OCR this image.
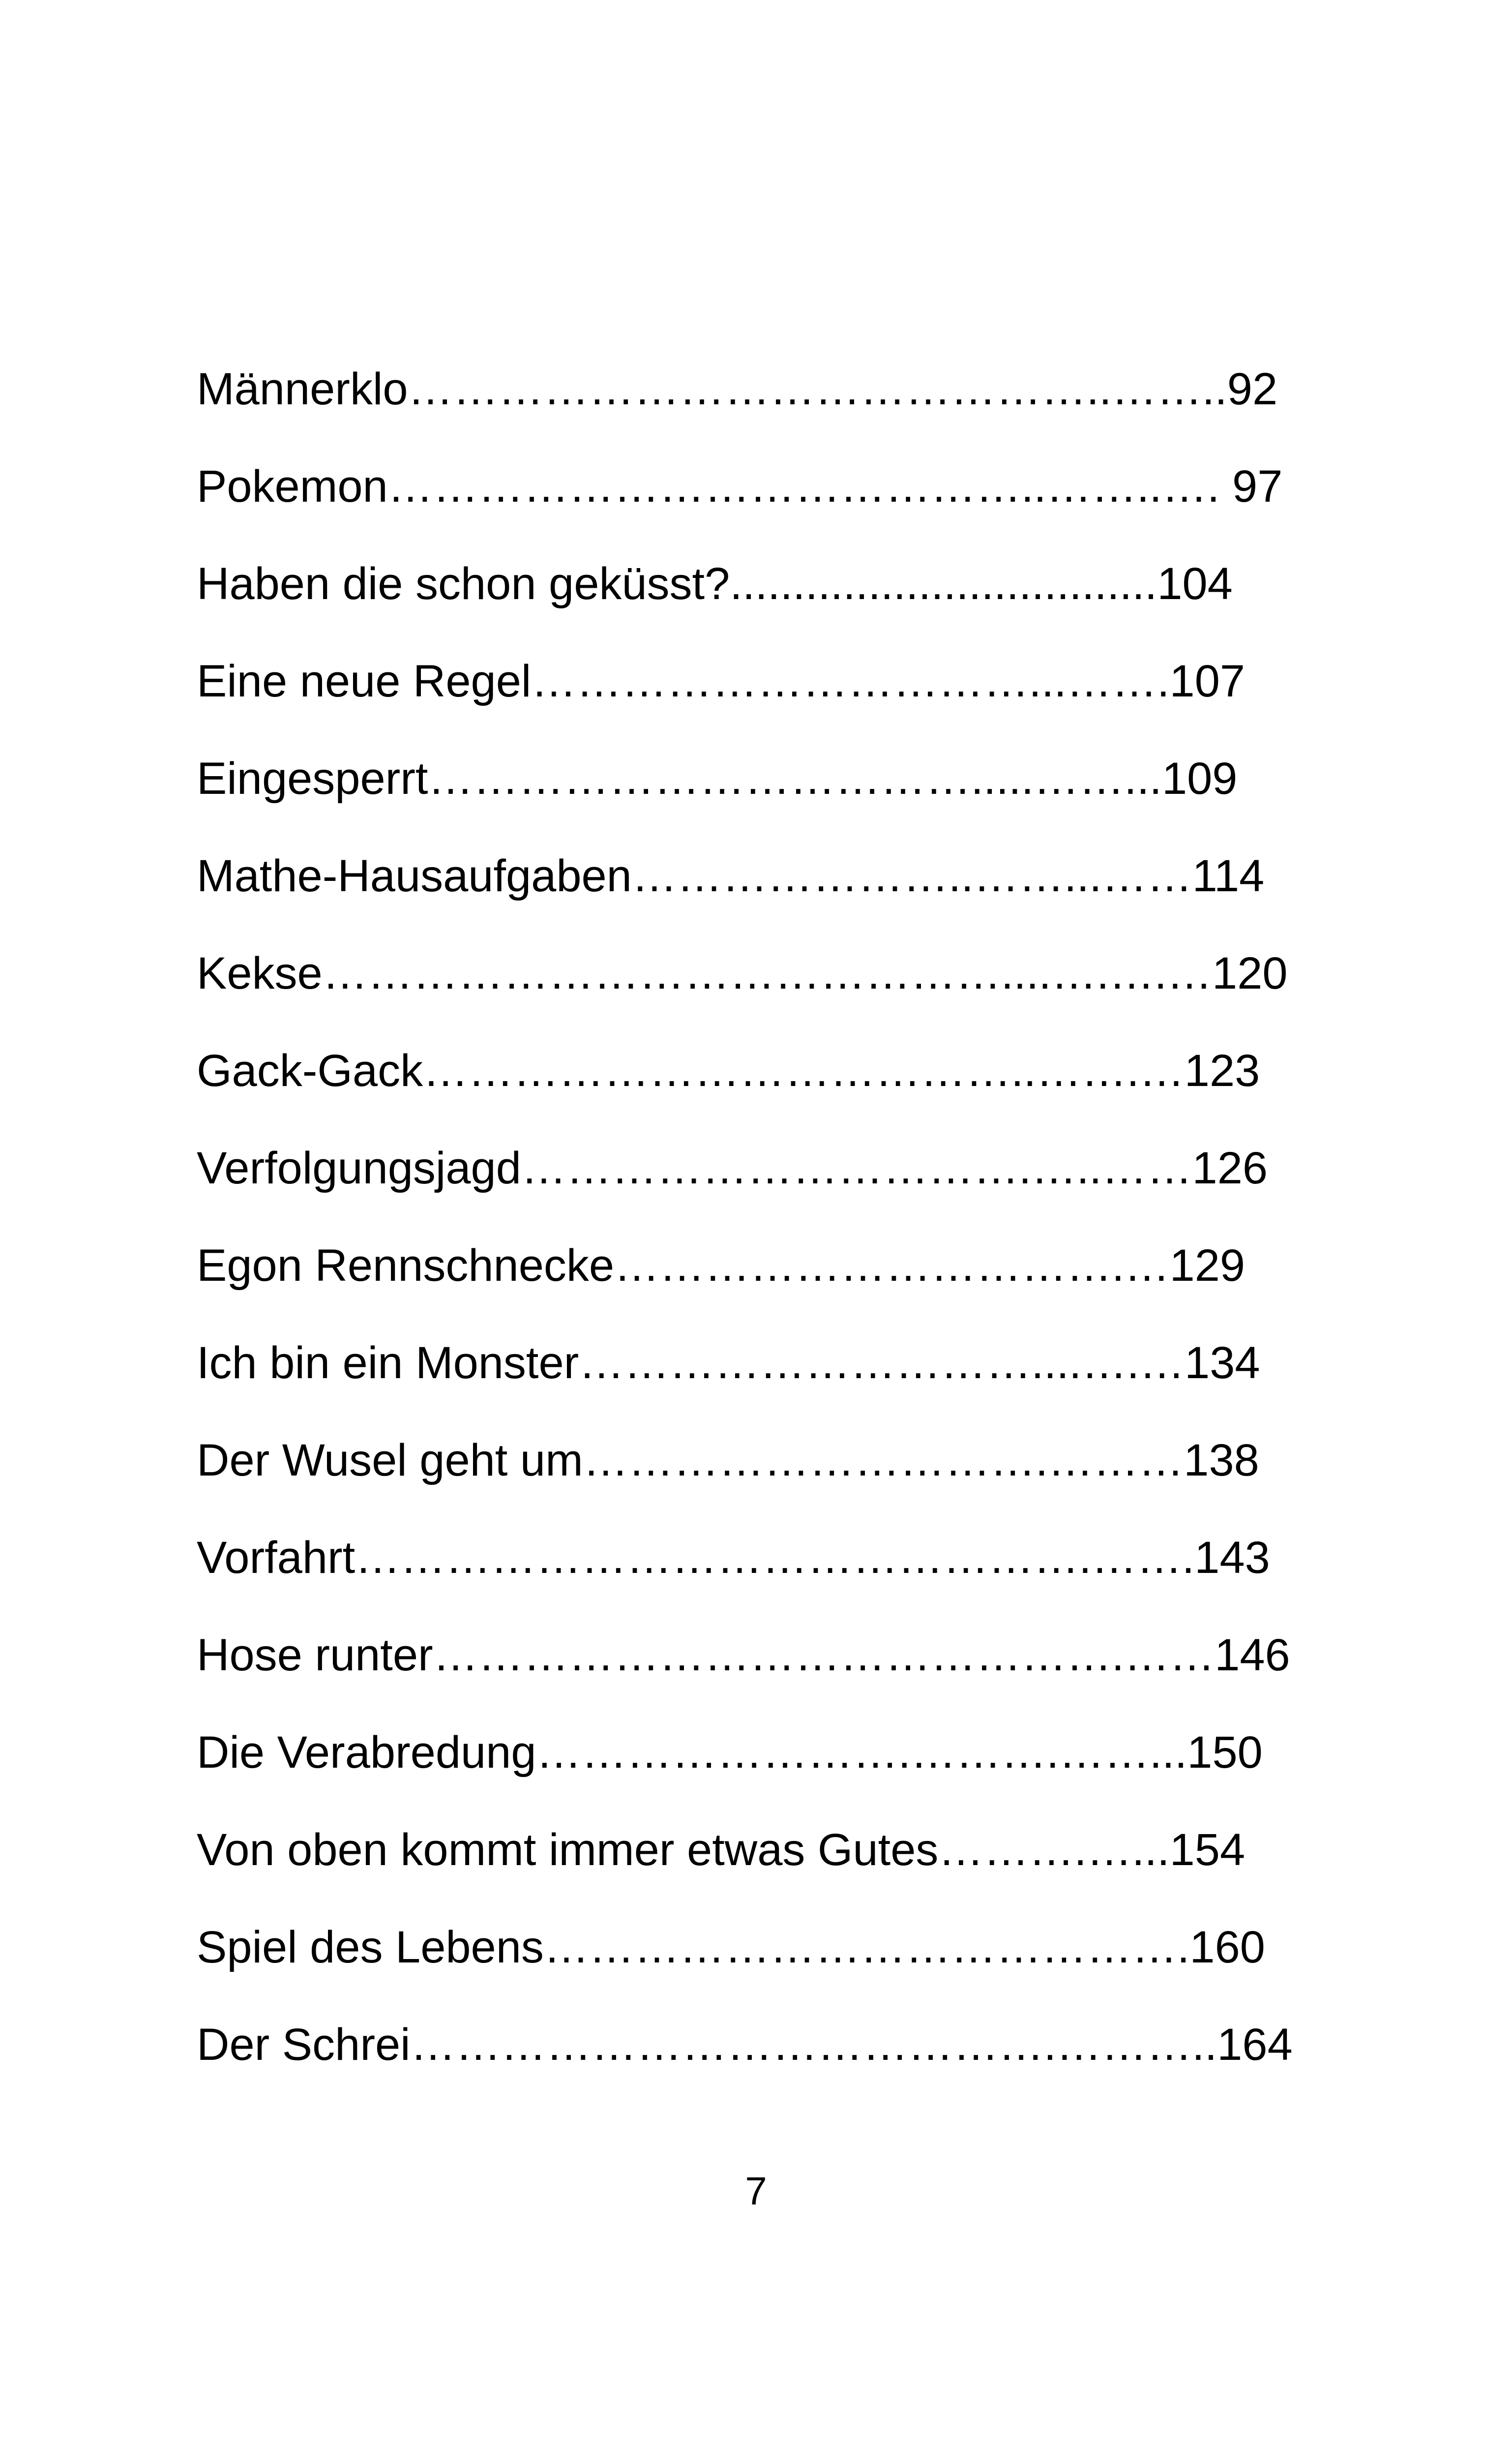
Männerklo………………………………………..……..92
Pokemon……………………………………..……..…. 97
Haben die schon geküsst?..................................104
Eine neue Regel……………………………...…….107
Eingesperrt……………………………….....……...109
Mathe-Hausaufgaben…………………..……...……114
Kekse………………………………………....….….…120
Gack-Gack…………………………………..…….…123
Verfolgungsjagd…………………………….…..……126
Egon Rennschnecke…………………………….…129
Ich bin ein Monster…………………………....….…134
Der Wusel geht um………………………….………138
Vorfahrt………………………………………….…….143
Hose runter……………………………………….……146
Die Verabredung…………………….……….……...150
Von oben kommt immer etwas Gutes……….…...154
Spiel des Lebens…………………………………….160
Der Schrei…………………………………….………..164
7
